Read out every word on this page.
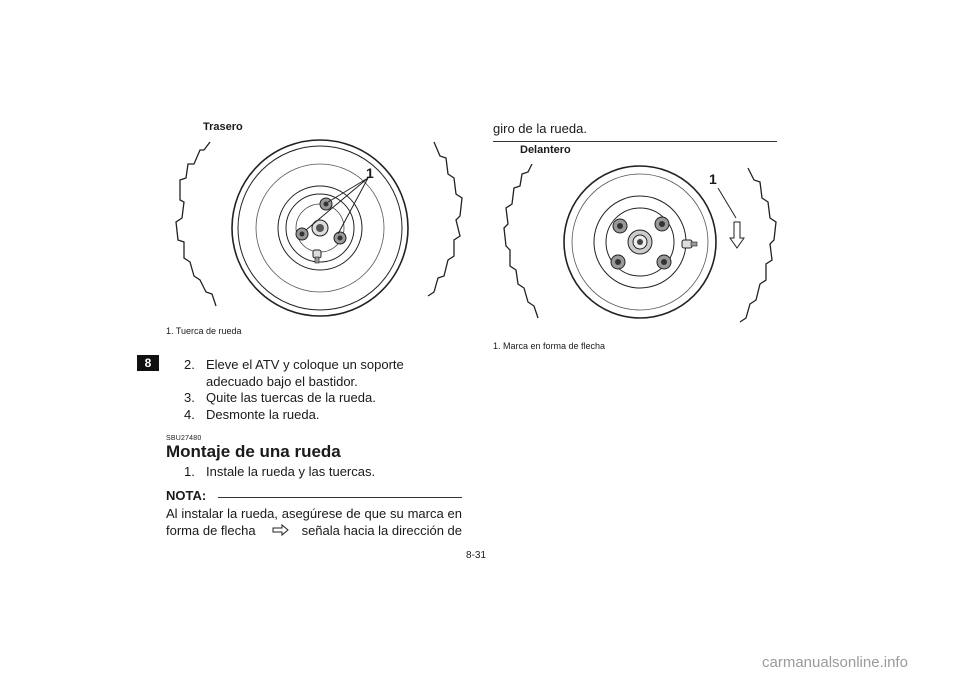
8
Trasero
1
1. Tuerca de rueda
2. Eleve el ATV y coloque un soporte adecuado bajo el bastidor.
3. Quite las tuercas de la rueda.
4. Desmonte la rueda.
SBU27480
Montaje de una rueda
1. Instale la rueda y las tuercas.
NOTA:
Al instalar la rueda, asegúrese de que su marca en
forma de flecha	señala hacia la dirección de
8-31
giro de la rueda.
Delantero
1
1. Marca en forma de flecha
carmanualsonline.info
